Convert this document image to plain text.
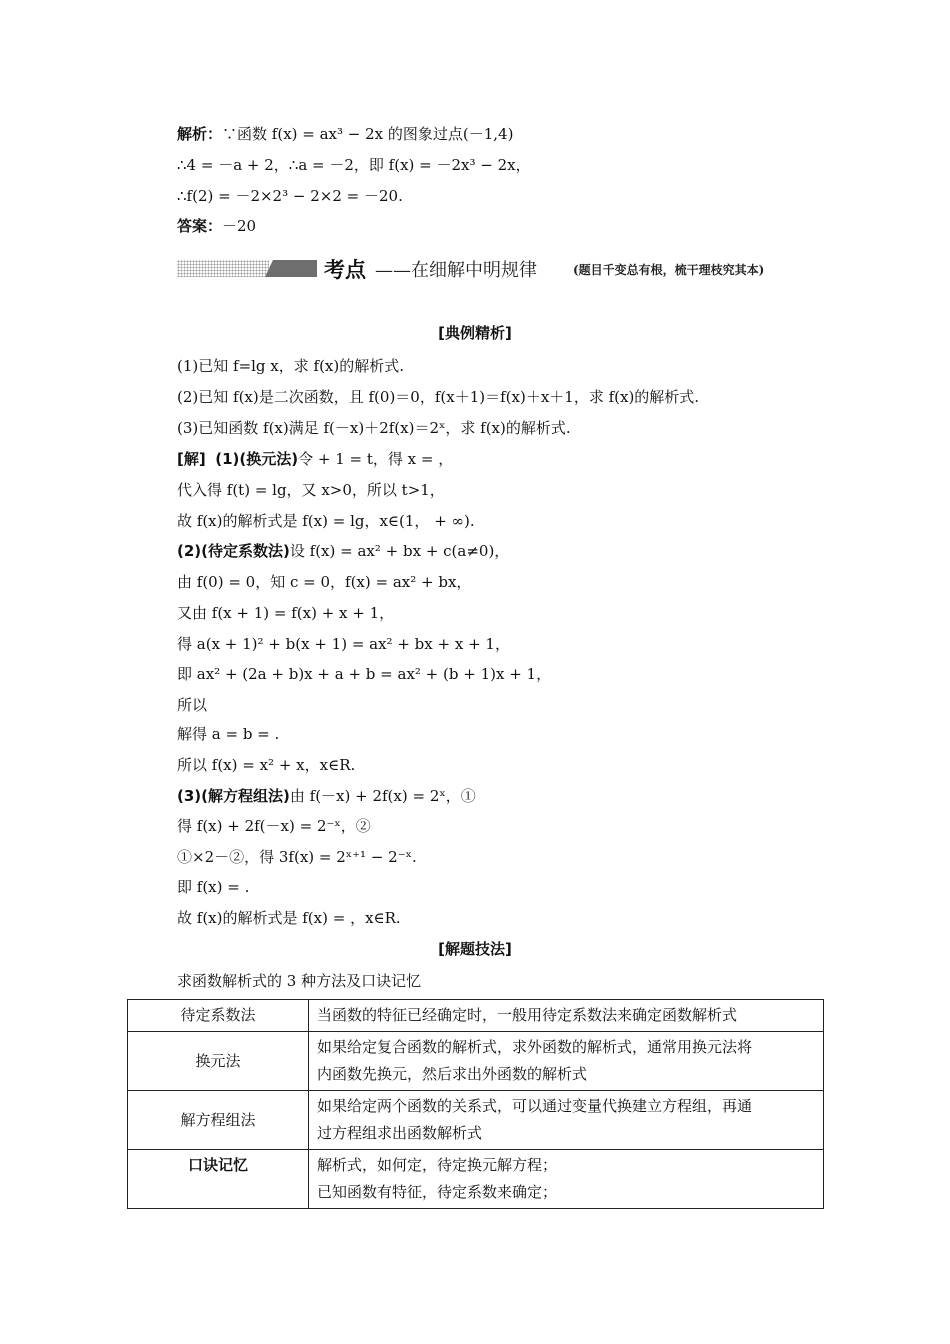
解析：∵函数 f(x) = ax³ − 2x 的图象过点(－1,4)
∴4 = －a + 2，∴a = －2，即 f(x) = －2x³ − 2x，
∴f(2) = －2×2³ − 2×2 = －20.
答案：－20
考点 ——在细解中明规律	(题目千变总有根，梳干理枝究其本)
[典例精析]
(1)已知 f=lg x，求 f(x)的解析式.
(2)已知 f(x)是二次函数，且 f(0)＝0，f(x＋1)＝f(x)＋x＋1，求 f(x)的解析式.
(3)已知函数 f(x)满足 f(－x)＋2f(x)＝2ˣ，求 f(x)的解析式.
[解] (1)(换元法)令 + 1 = t，得 x = ，
代入得 f(t) = lg，又 x>0，所以 t>1，
故 f(x)的解析式是 f(x) = lg，x∈(1， + ∞).
(2)(待定系数法)设 f(x) = ax² + bx + c(a≠0)，
由 f(0) = 0，知 c = 0，f(x) = ax² + bx，
又由 f(x + 1) = f(x) + x + 1，
得 a(x + 1)² + b(x + 1) = ax² + bx + x + 1，
即 ax² + (2a + b)x + a + b = ax² + (b + 1)x + 1，
所以
解得 a = b = .
所以 f(x) = x² + x，x∈R.
(3)(解方程组法)由 f(－x) + 2f(x) = 2ˣ，①
得 f(x) + 2f(－x) = 2⁻ˣ，②
①×2－②，得 3f(x) = 2ˣ⁺¹ − 2⁻ˣ.
即 f(x) = .
故 f(x)的解析式是 f(x) = ，x∈R.
[解题技法]
求函数解析式的 3 种方法及口诀记忆
待定系数法	当函数的特征已经确定时，一般用待定系数法来确定函数解析式

换元法	如果给定复合函数的解析式，求外函数的解析式，通常用换元法将
内函数先换元，然后求出外函数的解析式

解方程组法	如果给定两个函数的关系式，可以通过变量代换建立方程组，再通
过方程组求出函数解析式

口诀记忆	解析式，如何定，待定换元解方程；
已知函数有特征，待定系数来确定；
